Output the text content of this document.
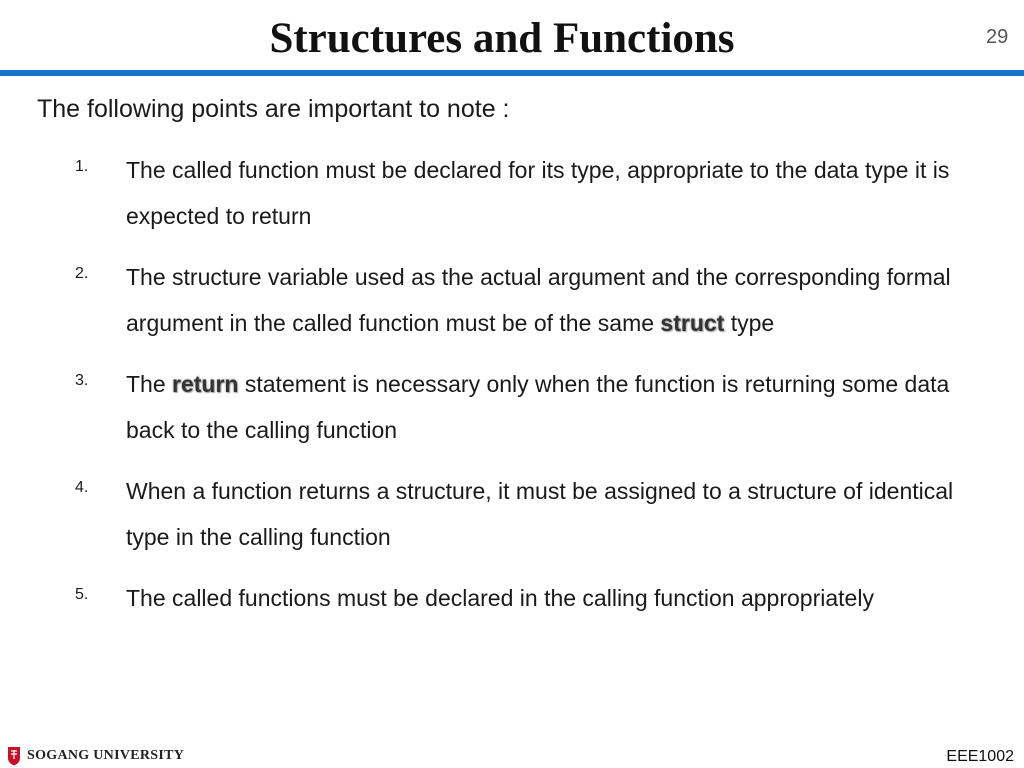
Structures and Functions	29
The following points are important to note :
1. The called function must be declared for its type, appropriate to the data type it is expected to return
2. The structure variable used as the actual argument and the corresponding formal argument in the called function must be of the same struct type
3. The return statement is necessary only when the function is returning some data back to the calling function
4. When a function returns a structure, it must be assigned to a structure of identical type in the calling function
5. The called functions must be declared in the calling function appropriately
SOGANG UNIVERSITY	EEE1002
